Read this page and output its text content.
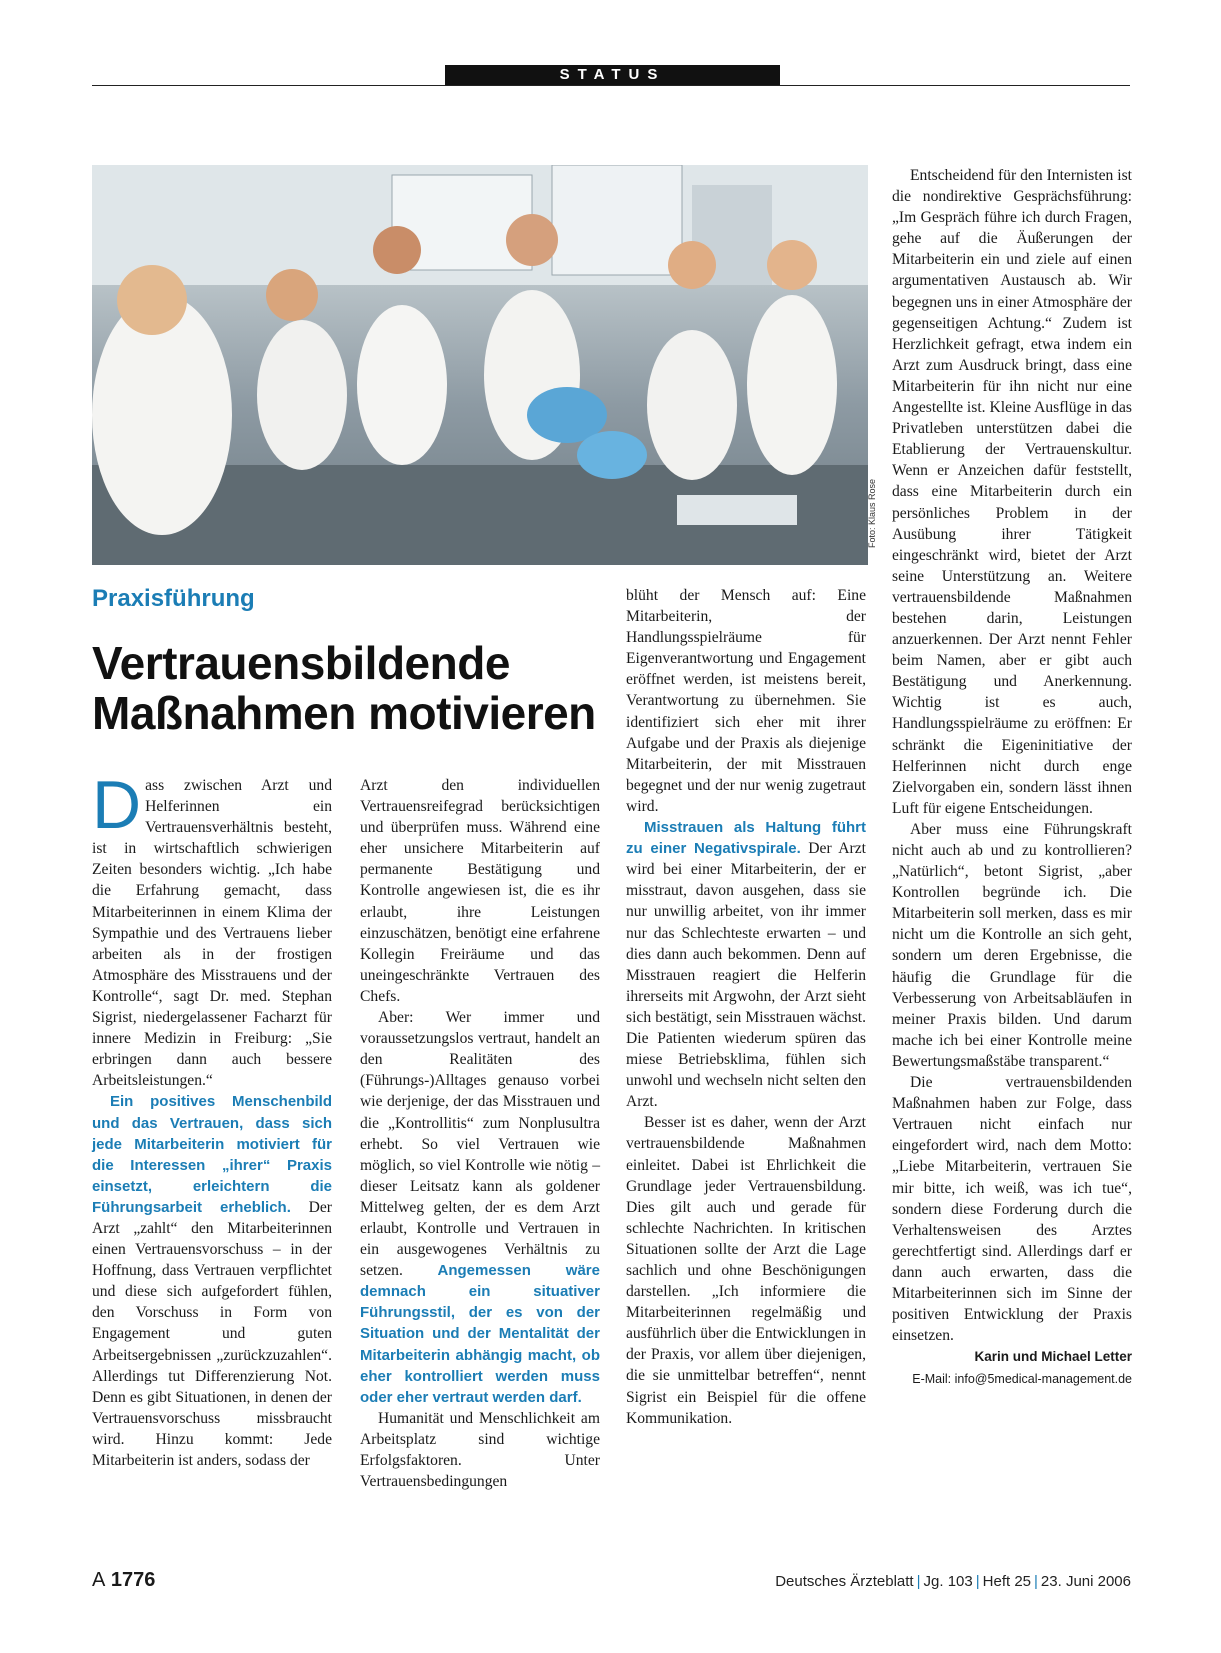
STATUS
Foto: Klaus Rose
Praxisführung
Vertrauensbildende
Maßnahmen motivieren

Dass zwischen Arzt und Helferinnen ein Vertrauensverhältnis besteht, ist in wirtschaftlich schwierigen Zeiten besonders wichtig. „Ich habe die Erfahrung gemacht, dass Mitarbeiterinnen in einem Klima der Sympathie und des Vertrauens lieber arbeiten als in der frostigen Atmosphäre des Misstrauens und der Kontrolle“, sagt Dr. med. Stephan Sigrist, niedergelassener Facharzt für innere Medizin in Freiburg: „Sie erbringen dann auch bessere Arbeitsleistungen.“

Ein positives Menschenbild und das Vertrauen, dass sich jede Mitarbeiterin motiviert für die Interessen „ihrer“ Praxis einsetzt, erleichtern die Führungsarbeit erheblich. Der Arzt „zahlt“ den Mitarbeiterinnen einen Vertrauensvorschuss – in der Hoffnung, dass Vertrauen verpflichtet und diese sich aufgefordert fühlen, den Vorschuss in Form von Engagement und guten Arbeitsergebnissen „zurückzuzahlen“. Allerdings tut Differenzierung Not. Denn es gibt Situationen, in denen der Vertrauensvorschuss missbraucht wird. Hinzu kommt: Jede Mitarbeiterin ist anders, sodass der

Arzt den individuellen Vertrauensreifegrad berücksichtigen und überprüfen muss. Während eine eher unsichere Mitarbeiterin auf permanente Bestätigung und Kontrolle angewiesen ist, die es ihr erlaubt, ihre Leistungen einzuschätzen, benötigt eine erfahrene Kollegin Freiräume und das uneingeschränkte Vertrauen des Chefs.

Aber: Wer immer und voraussetzungslos vertraut, handelt an den Realitäten des (Führungs-)Alltages genauso vorbei wie derjenige, der das Misstrauen und die „Kontrollitis“ zum Nonplusultra erhebt. So viel Vertrauen wie möglich, so viel Kontrolle wie nötig – dieser Leitsatz kann als goldener Mittelweg gelten, der es dem Arzt erlaubt, Kontrolle und Vertrauen in ein ausgewogenes Verhältnis zu setzen. Angemessen wäre demnach ein situativer Führungsstil, der es von der Situation und der Mentalität der Mitarbeiterin abhängig macht, ob eher kontrolliert werden muss oder eher vertraut werden darf.

Humanität und Menschlichkeit am Arbeitsplatz sind wichtige Erfolgsfaktoren. Unter Vertrauensbedingungen

blüht der Mensch auf: Eine Mitarbeiterin, der Handlungsspielräume für Eigenverantwortung und Engagement eröffnet werden, ist meistens bereit, Verantwortung zu übernehmen. Sie identifiziert sich eher mit ihrer Aufgabe und der Praxis als diejenige Mitarbeiterin, der mit Misstrauen begegnet und der nur wenig zugetraut wird.

Misstrauen als Haltung führt zu einer Negativspirale. Der Arzt wird bei einer Mitarbeiterin, der er misstraut, davon ausgehen, dass sie nur unwillig arbeitet, von ihr immer nur das Schlechteste erwarten – und dies dann auch bekommen. Denn auf Misstrauen reagiert die Helferin ihrerseits mit Argwohn, der Arzt sieht sich bestätigt, sein Misstrauen wächst. Die Patienten wiederum spüren das miese Betriebsklima, fühlen sich unwohl und wechseln nicht selten den Arzt.

Besser ist es daher, wenn der Arzt vertrauensbildende Maßnahmen einleitet. Dabei ist Ehrlichkeit die Grundlage jeder Vertrauensbildung. Dies gilt auch und gerade für schlechte Nachrichten. In kritischen Situationen sollte der Arzt die Lage sachlich und ohne Beschönigungen darstellen. „Ich informiere die Mitarbeiterinnen regelmäßig und ausführlich über die Entwicklungen in der Praxis, vor allem über diejenigen, die sie unmittelbar betreffen“, nennt Sigrist ein Beispiel für die offene Kommunikation.

Entscheidend für den Internisten ist die nondirektive Gesprächsführung: „Im Gespräch führe ich durch Fragen, gehe auf die Äußerungen der Mitarbeiterin ein und ziele auf einen argumentativen Austausch ab. Wir begegnen uns in einer Atmosphäre der gegenseitigen Achtung.“ Zudem ist Herzlichkeit gefragt, etwa indem ein Arzt zum Ausdruck bringt, dass eine Mitarbeiterin für ihn nicht nur eine Angestellte ist. Kleine Ausflüge in das Privatleben unterstützen dabei die Etablierung der Vertrauenskultur. Wenn er Anzeichen dafür feststellt, dass eine Mitarbeiterin durch ein persönliches Problem in der Ausübung ihrer Tätigkeit eingeschränkt wird, bietet der Arzt seine Unterstützung an. Weitere vertrauensbildende Maßnahmen bestehen darin, Leistungen anzuerkennen. Der Arzt nennt Fehler beim Namen, aber er gibt auch Bestätigung und Anerkennung. Wichtig ist es auch, Handlungsspielräume zu eröffnen: Er schränkt die Eigeninitiative der Helferinnen nicht durch enge Zielvorgaben ein, sondern lässt ihnen Luft für eigene Entscheidungen.

Aber muss eine Führungskraft nicht auch ab und zu kontrollieren? „Natürlich“, betont Sigrist, „aber Kontrollen begründe ich. Die Mitarbeiterin soll merken, dass es mir nicht um die Kontrolle an sich geht, sondern um deren Ergebnisse, die häufig die Grundlage für die Verbesserung von Arbeitsabläufen in meiner Praxis bilden. Und darum mache ich bei einer Kontrolle meine Bewertungsmaßstäbe transparent.“

Die vertrauensbildenden Maßnahmen haben zur Folge, dass Vertrauen nicht einfach nur eingefordert wird, nach dem Motto: „Liebe Mitarbeiterin, vertrauen Sie mir bitte, ich weiß, was ich tue“, sondern diese Forderung durch die Verhaltensweisen des Arztes gerechtfertigt sind. Allerdings darf er dann auch erwarten, dass die Mitarbeiterinnen sich im Sinne der positiven Entwicklung der Praxis einsetzen.

Karin und Michael Letter
E-Mail: info@5medical-management.de
A 1776	Deutsches Ärzteblatt | Jg. 103 | Heft 25 | 23. Juni 2006
